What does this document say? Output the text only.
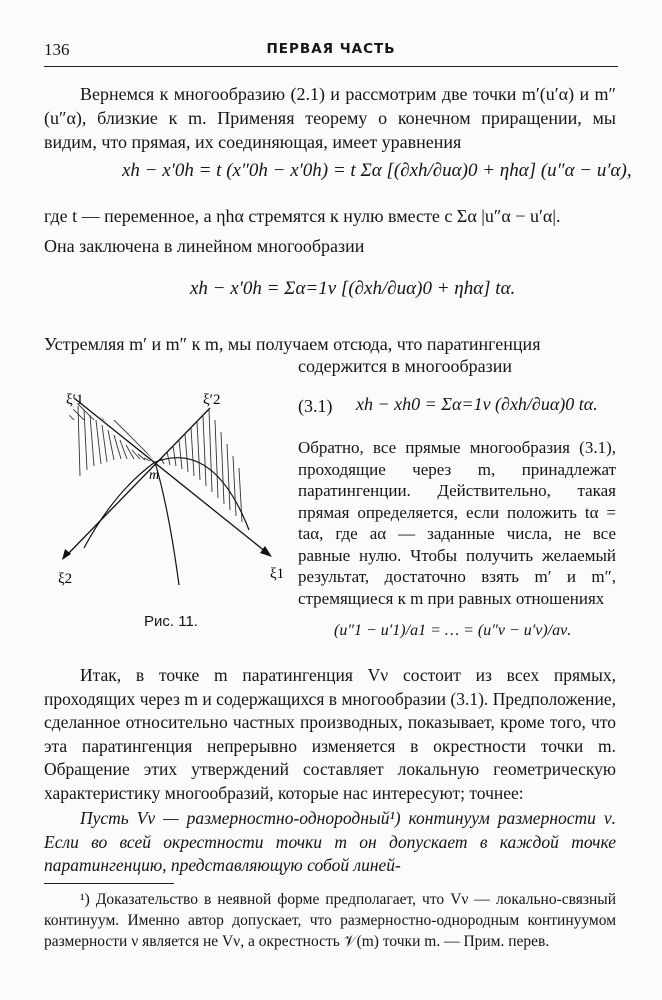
136	ПЕРВАЯ ЧАСТЬ
Вернемся к многообразию (2.1) и рассмотрим две точки m′(u′α) и m″(u″α), близкие к m. Применяя теорему о конечном приращении, мы видим, что прямая, их соединяющая, имеет уравнения
xh − x′0h = t (x″0h − x′0h) = t Σα [(∂xh/∂uα)0 + ηhα] (u″α − u′α),
где t — переменное, а ηhα стремятся к нулю вместе с Σα |u″α − u′α|.
Она заключена в линейном многообразии
xh − x′0h = Σα=1ν [(∂xh/∂uα)0 + ηhα] tα.
Устремляя m′ и m″ к m, мы получаем отсюда, что паратингенция
содержится в многообразии
ξ′1	ξ′2
m
ξ2	ξ1
Рис. 11.
(3.1) xh − xh0 = Σα=1ν (∂xh/∂uα)0 tα.
Обратно, все прямые многообразия (3.1), проходящие через m, принадлежат паратингенции. Действительно, такая прямая определяется, если положить tα = taα, где aα — заданные числа, не все равные нулю. Чтобы получить желаемый результат, достаточно взять m′ и m″, стремящиеся к m при равных отношениях
(u″1 − u′1)/a1 = … = (u″ν − u′ν)/aν.
Итак, в точке m паратингенция Vν состоит из всех прямых, проходящих через m и содержащихся в многообразии (3.1). Предположение, сделанное относительно частных производных, показывает, кроме того, что эта паратингенция непрерывно изменяется в окрестности точки m. Обращение этих утверждений составляет локальную геометрическую характеристику многообразий, которые нас интересуют; точнее:
Пусть Vν — размерностно-однородный¹) континуум размерности ν. Если во всей окрестности точки m он допускает в каждой точке паратингенцию, представляющую собой линей-
¹) Доказательство в неявной форме предполагает, что Vν — локально-связный континуум. Именно автор допускает, что размерностно-однородным континуумом размерности ν является не Vν, а окрестность 𝒱(m) точки m. — Прим. перев.
